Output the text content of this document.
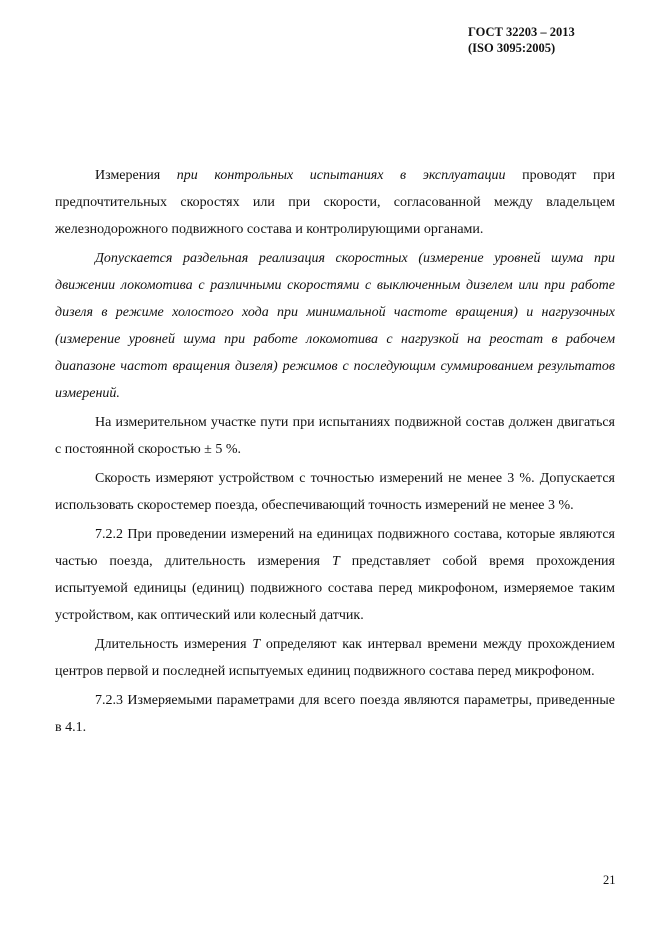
ГОСТ 32203 – 2013
(ISO 3095:2005)

Измерения при контрольных испытаниях в эксплуатации проводят при предпочтительных скоростях или при скорости, согласованной между владельцем железнодорожного подвижного состава и контролирующими органами.

Допускается раздельная реализация скоростных (измерение уровней шума при движении локомотива с различными скоростями с выключенным дизелем или при работе дизеля в режиме холостого хода при минимальной частоте вращения) и нагрузочных (измерение уровней шума при работе локомотива с нагрузкой на реостат в рабочем диапазоне частот вращения дизеля) режимов с последующим суммированием результатов измерений.

На измерительном участке пути при испытаниях подвижной состав должен двигаться с постоянной скоростью ± 5 %.

Скорость измеряют устройством с точностью измерений не менее 3 %. Допускается использовать скоростемер поезда, обеспечивающий точность измерений не менее 3 %.

7.2.2 При проведении измерений на единицах подвижного состава, которые являются частью поезда, длительность измерения T представляет собой время прохождения испытуемой единицы (единиц) подвижного состава перед микрофоном, измеряемое таким устройством, как оптический или колесный датчик.

Длительность измерения T определяют как интервал времени между прохождением центров первой и последней испытуемых единиц подвижного состава перед микрофоном.

7.2.3 Измеряемыми параметрами для всего поезда являются параметры, приведенные в 4.1.

21
